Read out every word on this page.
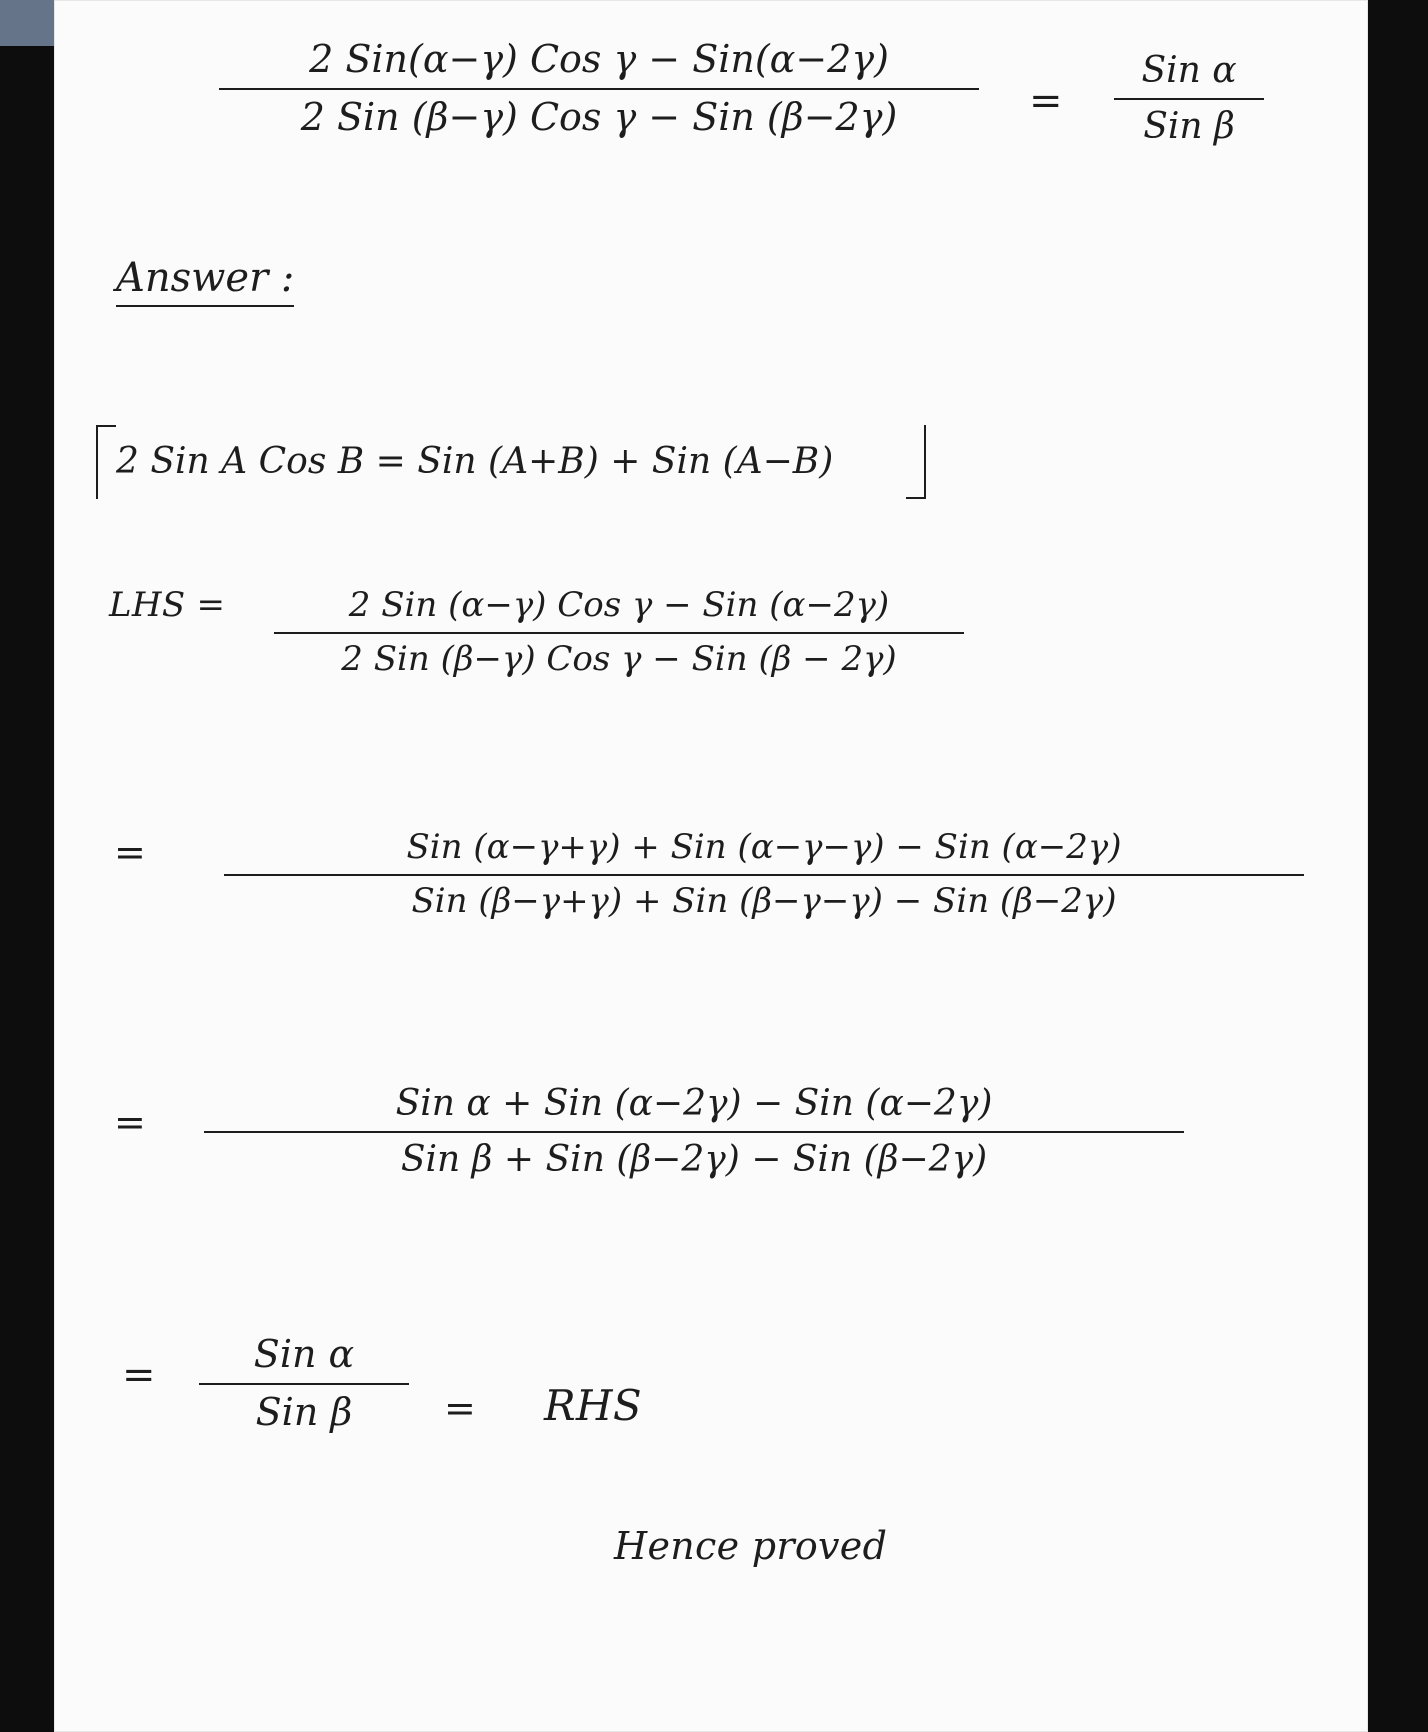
2 Sin(α−γ) Cos γ − Sin(α−2γ)
2 Sin (β−γ) Cos γ − Sin (β−2γ)	=
Sin α
Sin β
Answer :
2 Sin A Cos B = Sin (A+B) + Sin (A−B)
LHS =	2 Sin (α−γ) Cos γ − Sin (α−2γ)
2 Sin (β−γ) Cos γ − Sin (β − 2γ)
=	Sin (α−γ+γ) + Sin (α−γ−γ) − Sin (α−2γ)
Sin (β−γ+γ) + Sin (β−γ−γ) − Sin (β−2γ)
=	Sin α + Sin (α−2γ) − Sin (α−2γ)
Sin β + Sin (β−2γ) − Sin (β−2γ)
=	Sin α
Sin β	= RHS
Hence proved
